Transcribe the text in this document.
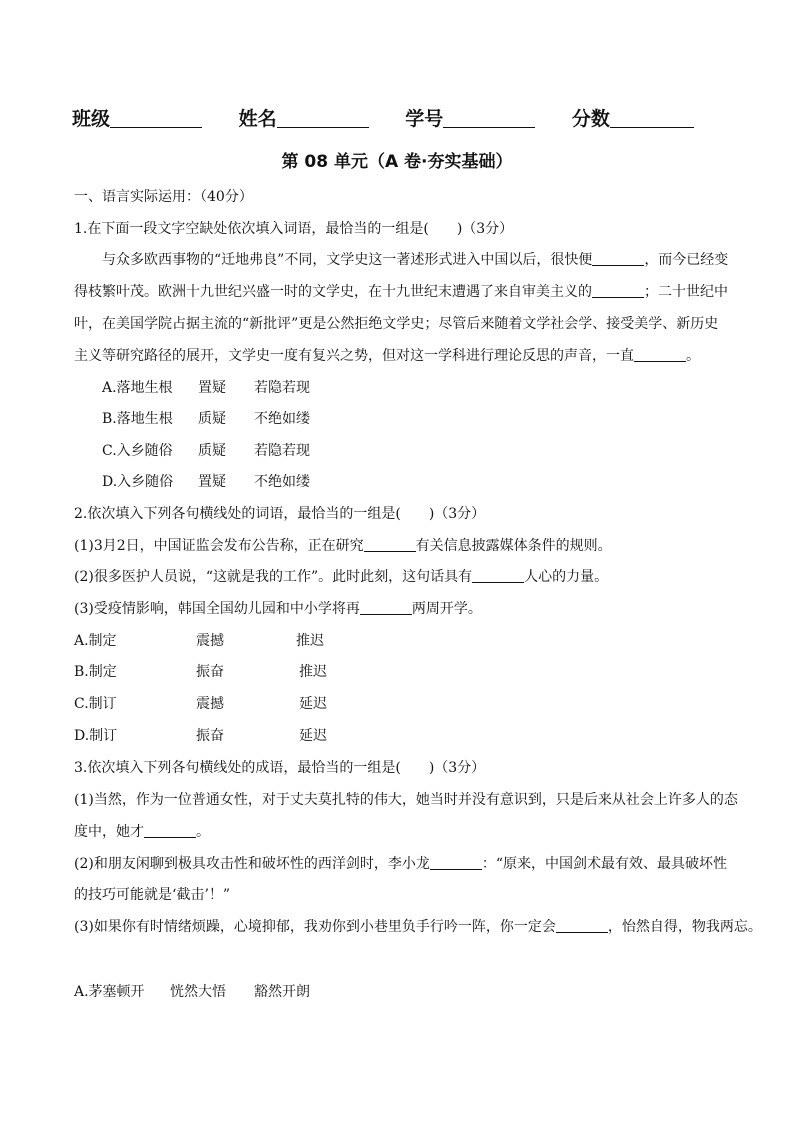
班级	姓名	学号	分数
第 08 单元（A 卷·夯实基础）
一、语言实际运用：（40分）
1.在下面一段文字空缺处依次填入词语，最恰当的一组是(　　)（3分）
与众多欧西事物的“迁地弗良”不同，文学史这一著述形式进入中国以后，很快便	，而今已经变
得枝繁叶茂。欧洲十九世纪兴盛一时的文学史，在十九世纪末遭遇了来自审美主义的	；二十世纪中
叶，在美国学院占据主流的“新批评”更是公然拒绝文学史；尽管后来随着文学社会学、接受美学、新历史
主义等研究路径的展开，文学史一度有复兴之势，但对这一学科进行理论反思的声音，一直	。
A.落地生根 置疑 若隐若现
B.落地生根 质疑 不绝如缕
C.入乡随俗 质疑 若隐若现
D.入乡随俗 置疑 不绝如缕
2.依次填入下列各句横线处的词语，最恰当的一组是(　　)（3分）
(1)3月2日，中国证监会发布公告称，正在研究	有关信息披露媒体条件的规则。
(2)很多医护人员说，“这就是我的工作”。此时此刻，这句话具有	人心的力量。
(3)受疫情影响，韩国全国幼儿园和中小学将再	两周开学。
A.制定	震撼	推迟
B.制定	振奋	推迟
C.制订	震撼	延迟
D.制订	振奋	延迟
3.依次填入下列各句横线处的成语，最恰当的一组是(　　)（3分）
(1)当然，作为一位普通女性，对于丈夫莫扎特的伟大，她当时并没有意识到，只是后来从社会上许多人的态
度中，她才	。
(2)和朋友闲聊到极具攻击性和破坏性的西洋剑时，李小龙	：“原来，中国剑术最有效、最具破坏性
的技巧可能就是‘截击’！”
(3)如果你有时情绪烦躁，心境抑郁，我劝你到小巷里负手行吟一阵，你一定会	，怡然自得，物我两忘。
A.茅塞顿开 恍然大悟 豁然开朗
